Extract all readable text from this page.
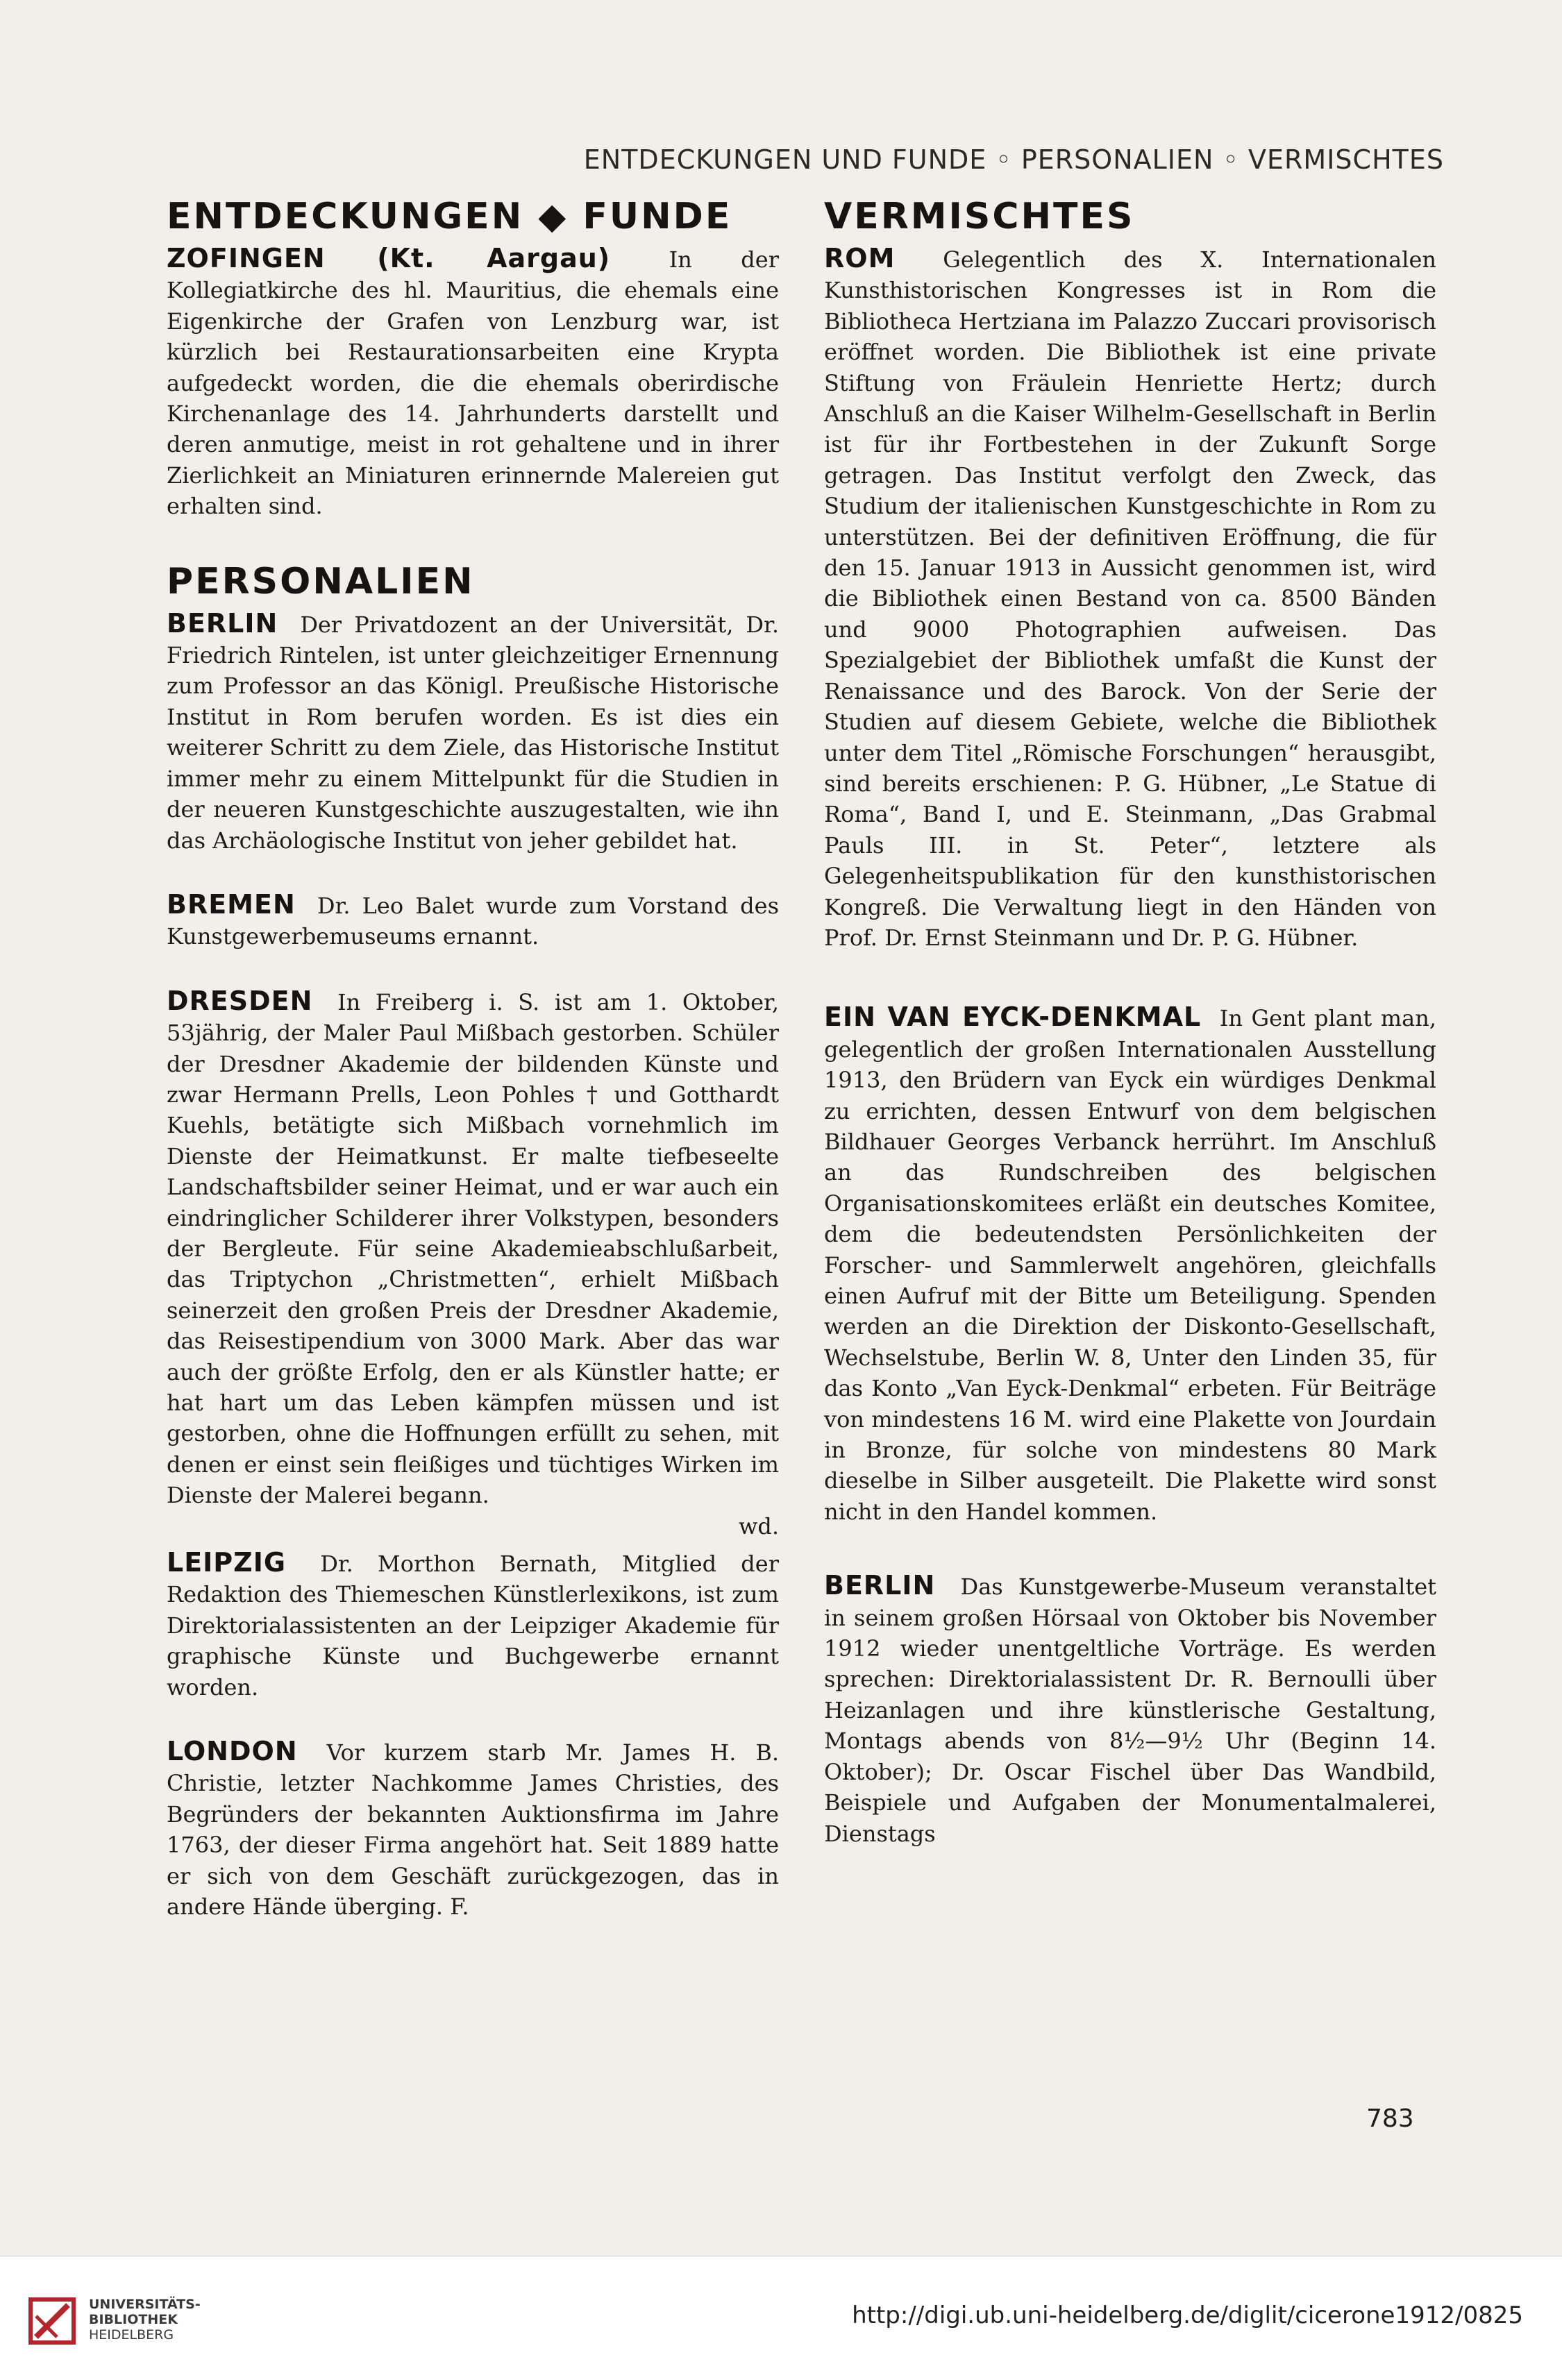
ENTDECKUNGEN UND FUNDE ◦ PERSONALIEN ◦ VERMISCHTES
ENTDECKUNGEN ◆ FUNDE

ZOFINGEN (Kt. Aargau)	In der Kollegiatkirche des hl. Mauritius, die ehemals eine Eigenkirche der Grafen von Lenzburg war, ist kürzlich bei Restaurationsarbeiten eine Krypta aufgedeckt worden, die die ehemals oberirdische Kirchenanlage des 14. Jahrhunderts darstellt und deren anmutige, meist in rot gehaltene und in ihrer Zierlichkeit an Miniaturen erinnernde Malereien gut erhalten sind.

PERSONALIEN

BERLIN Der Privatdozent an der Universität, Dr. Friedrich Rintelen, ist unter gleichzeitiger Ernennung zum Professor an das Königl. Preußische Historische Institut in Rom berufen worden. Es ist dies ein weiterer Schritt zu dem Ziele, das Historische Institut immer mehr zu einem Mittelpunkt für die Studien in der neueren Kunstgeschichte auszugestalten, wie ihn das Archäologische Institut von jeher gebildet hat.

BREMEN Dr. Leo Balet wurde zum Vorstand des Kunstgewerbemuseums ernannt.

DRESDEN In Freiberg i. S. ist am 1. Oktober, 53jährig, der Maler Paul Mißbach gestorben. Schüler der Dresdner Akademie der bildenden Künste und zwar Hermann Prells, Leon Pohles † und Gotthardt Kuehls, betätigte sich Mißbach vornehmlich im Dienste der Heimatkunst. Er malte tiefbeseelte Landschaftsbilder seiner Heimat, und er war auch ein eindringlicher Schilderer ihrer Volkstypen, besonders der Bergleute. Für seine Akademieabschlußarbeit, das Triptychon „Christmetten“, erhielt Mißbach seinerzeit den großen Preis der Dresdner Akademie, das Reisestipendium von 3000 Mark. Aber das war auch der größte Erfolg, den er als Künstler hatte; er hat hart um das Leben kämpfen müssen und ist gestorben, ohne die Hoffnungen erfüllt zu sehen, mit denen er einst sein fleißiges und tüchtiges Wirken im Dienste der Malerei begann.
wd.

LEIPZIG Dr. Morthon Bernath, Mitglied der Redaktion des Thiemeschen Künstlerlexikons, ist zum Direktorialassistenten an der Leipziger Akademie für graphische Künste und Buchgewerbe ernannt worden.

LONDON Vor kurzem starb Mr. James H. B. Christie, letzter Nachkomme James Christies, des Begründers der bekannten Auktionsfirma im Jahre 1763, der dieser Firma angehört hat. Seit 1889 hatte er sich von dem Geschäft zurückgezogen, das in andere Hände überging. F.

VERMISCHTES

ROM Gelegentlich des X. Internationalen Kunsthistorischen Kongresses ist in Rom die Bibliotheca Hertziana im Palazzo Zuccari provisorisch eröffnet worden. Die Bibliothek ist eine private Stiftung von Fräulein Henriette Hertz; durch Anschluß an die Kaiser Wilhelm-Gesellschaft in Berlin ist für ihr Fortbestehen in der Zukunft Sorge getragen. Das Institut verfolgt den Zweck, das Studium der italienischen Kunstgeschichte in Rom zu unterstützen. Bei der definitiven Eröffnung, die für den 15. Januar 1913 in Aussicht genommen ist, wird die Bibliothek einen Bestand von ca. 8500 Bänden und 9000 Photographien aufweisen. Das Spezialgebiet der Bibliothek umfaßt die Kunst der Renaissance und des Barock. Von der Serie der Studien auf diesem Gebiete, welche die Bibliothek unter dem Titel „Römische Forschungen“ herausgibt, sind bereits erschienen: P. G. Hübner, „Le Statue di Roma“, Band I, und E. Steinmann, „Das Grabmal Pauls III. in St. Peter“, letztere als Gelegenheitspublikation für den kunsthistorischen Kongreß. Die Verwaltung liegt in den Händen von Prof. Dr. Ernst Steinmann und Dr. P. G. Hübner.

EIN VAN EYCK-DENKMAL In Gent plant man, gelegentlich der großen Internationalen Ausstellung 1913, den Brüdern van Eyck ein würdiges Denkmal zu errichten, dessen Entwurf von dem belgischen Bildhauer Georges Verbanck herrührt. Im Anschluß an das Rundschreiben des belgischen Organisationskomitees erläßt ein deutsches Komitee, dem die bedeutendsten Persönlichkeiten der Forscher- und Sammlerwelt angehören, gleichfalls einen Aufruf mit der Bitte um Beteiligung. Spenden werden an die Direktion der Diskonto-Gesellschaft, Wechselstube, Berlin W. 8, Unter den Linden 35, für das Konto „Van Eyck-Denkmal“ erbeten. Für Beiträge von mindestens 16 M. wird eine Plakette von Jourdain in Bronze, für solche von mindestens 80 Mark dieselbe in Silber ausgeteilt. Die Plakette wird sonst nicht in den Handel kommen.

BERLIN Das Kunstgewerbe-Museum veranstaltet in seinem großen Hörsaal von Oktober bis November 1912 wieder unentgeltliche Vorträge. Es werden sprechen: Direktorialassistent Dr. R. Bernoulli über Heizanlagen und ihre künstlerische Gestaltung, Montags abends von 8½—9½ Uhr (Beginn 14. Oktober); Dr. Oscar Fischel über Das Wandbild, Beispiele und Aufgaben der Monumentalmalerei, Dienstags

783
UNIVERSITÄTS-
BIBLIOTHEK
HEIDELBERG
http://digi.ub.uni-heidelberg.de/diglit/cicerone1912/0825
